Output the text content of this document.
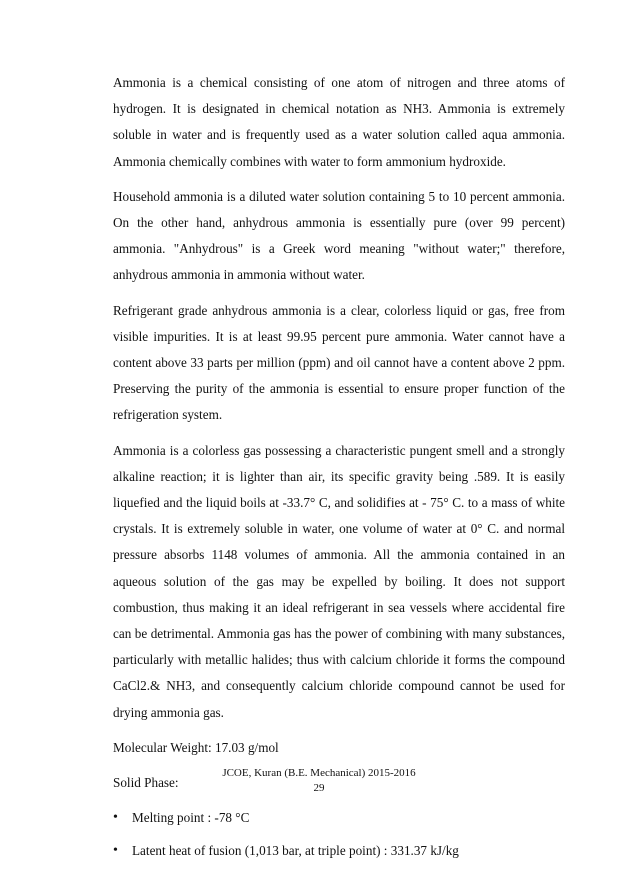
Ammonia is a chemical consisting of one atom of nitrogen and three atoms of hydrogen. It is designated in chemical notation as NH3. Ammonia is extremely soluble in water and is frequently used as a water solution called aqua ammonia. Ammonia chemically combines with water to form ammonium hydroxide.

Household ammonia is a diluted water solution containing 5 to 10 percent ammonia. On the other hand, anhydrous ammonia is essentially pure (over 99 percent) ammonia. "Anhydrous" is a Greek word meaning "without water;" therefore, anhydrous ammonia in ammonia without water.

Refrigerant grade anhydrous ammonia is a clear, colorless liquid or gas, free from visible impurities. It is at least 99.95 percent pure ammonia. Water cannot have a content above 33 parts per million (ppm) and oil cannot have a content above 2 ppm. Preserving the purity of the ammonia is essential to ensure proper function of the refrigeration system.

Ammonia is a colorless gas possessing a characteristic pungent smell and a strongly alkaline reaction; it is lighter than air, its specific gravity being .589. It is easily liquefied and the liquid boils at -33.7° C, and solidifies at - 75° C. to a mass of white crystals. It is extremely soluble in water, one volume of water at 0° C. and normal pressure absorbs 1148 volumes of ammonia. All the ammonia contained in an aqueous solution of the gas may be expelled by boiling. It does not support combustion, thus making it an ideal refrigerant in sea vessels where accidental fire can be detrimental. Ammonia gas has the power of combining with many substances, particularly with metallic halides; thus with calcium chloride it forms the compound CaCl2.& NH3, and consequently calcium chloride compound cannot be used for drying ammonia gas.

Molecular Weight: 17.03 g/mol

Solid Phase:

• Melting point : -78 °C
• Latent heat of fusion (1,013 bar, at triple point) : 331.37 kJ/kg
JCOE, Kuran (B.E. Mechanical) 2015-2016
29
